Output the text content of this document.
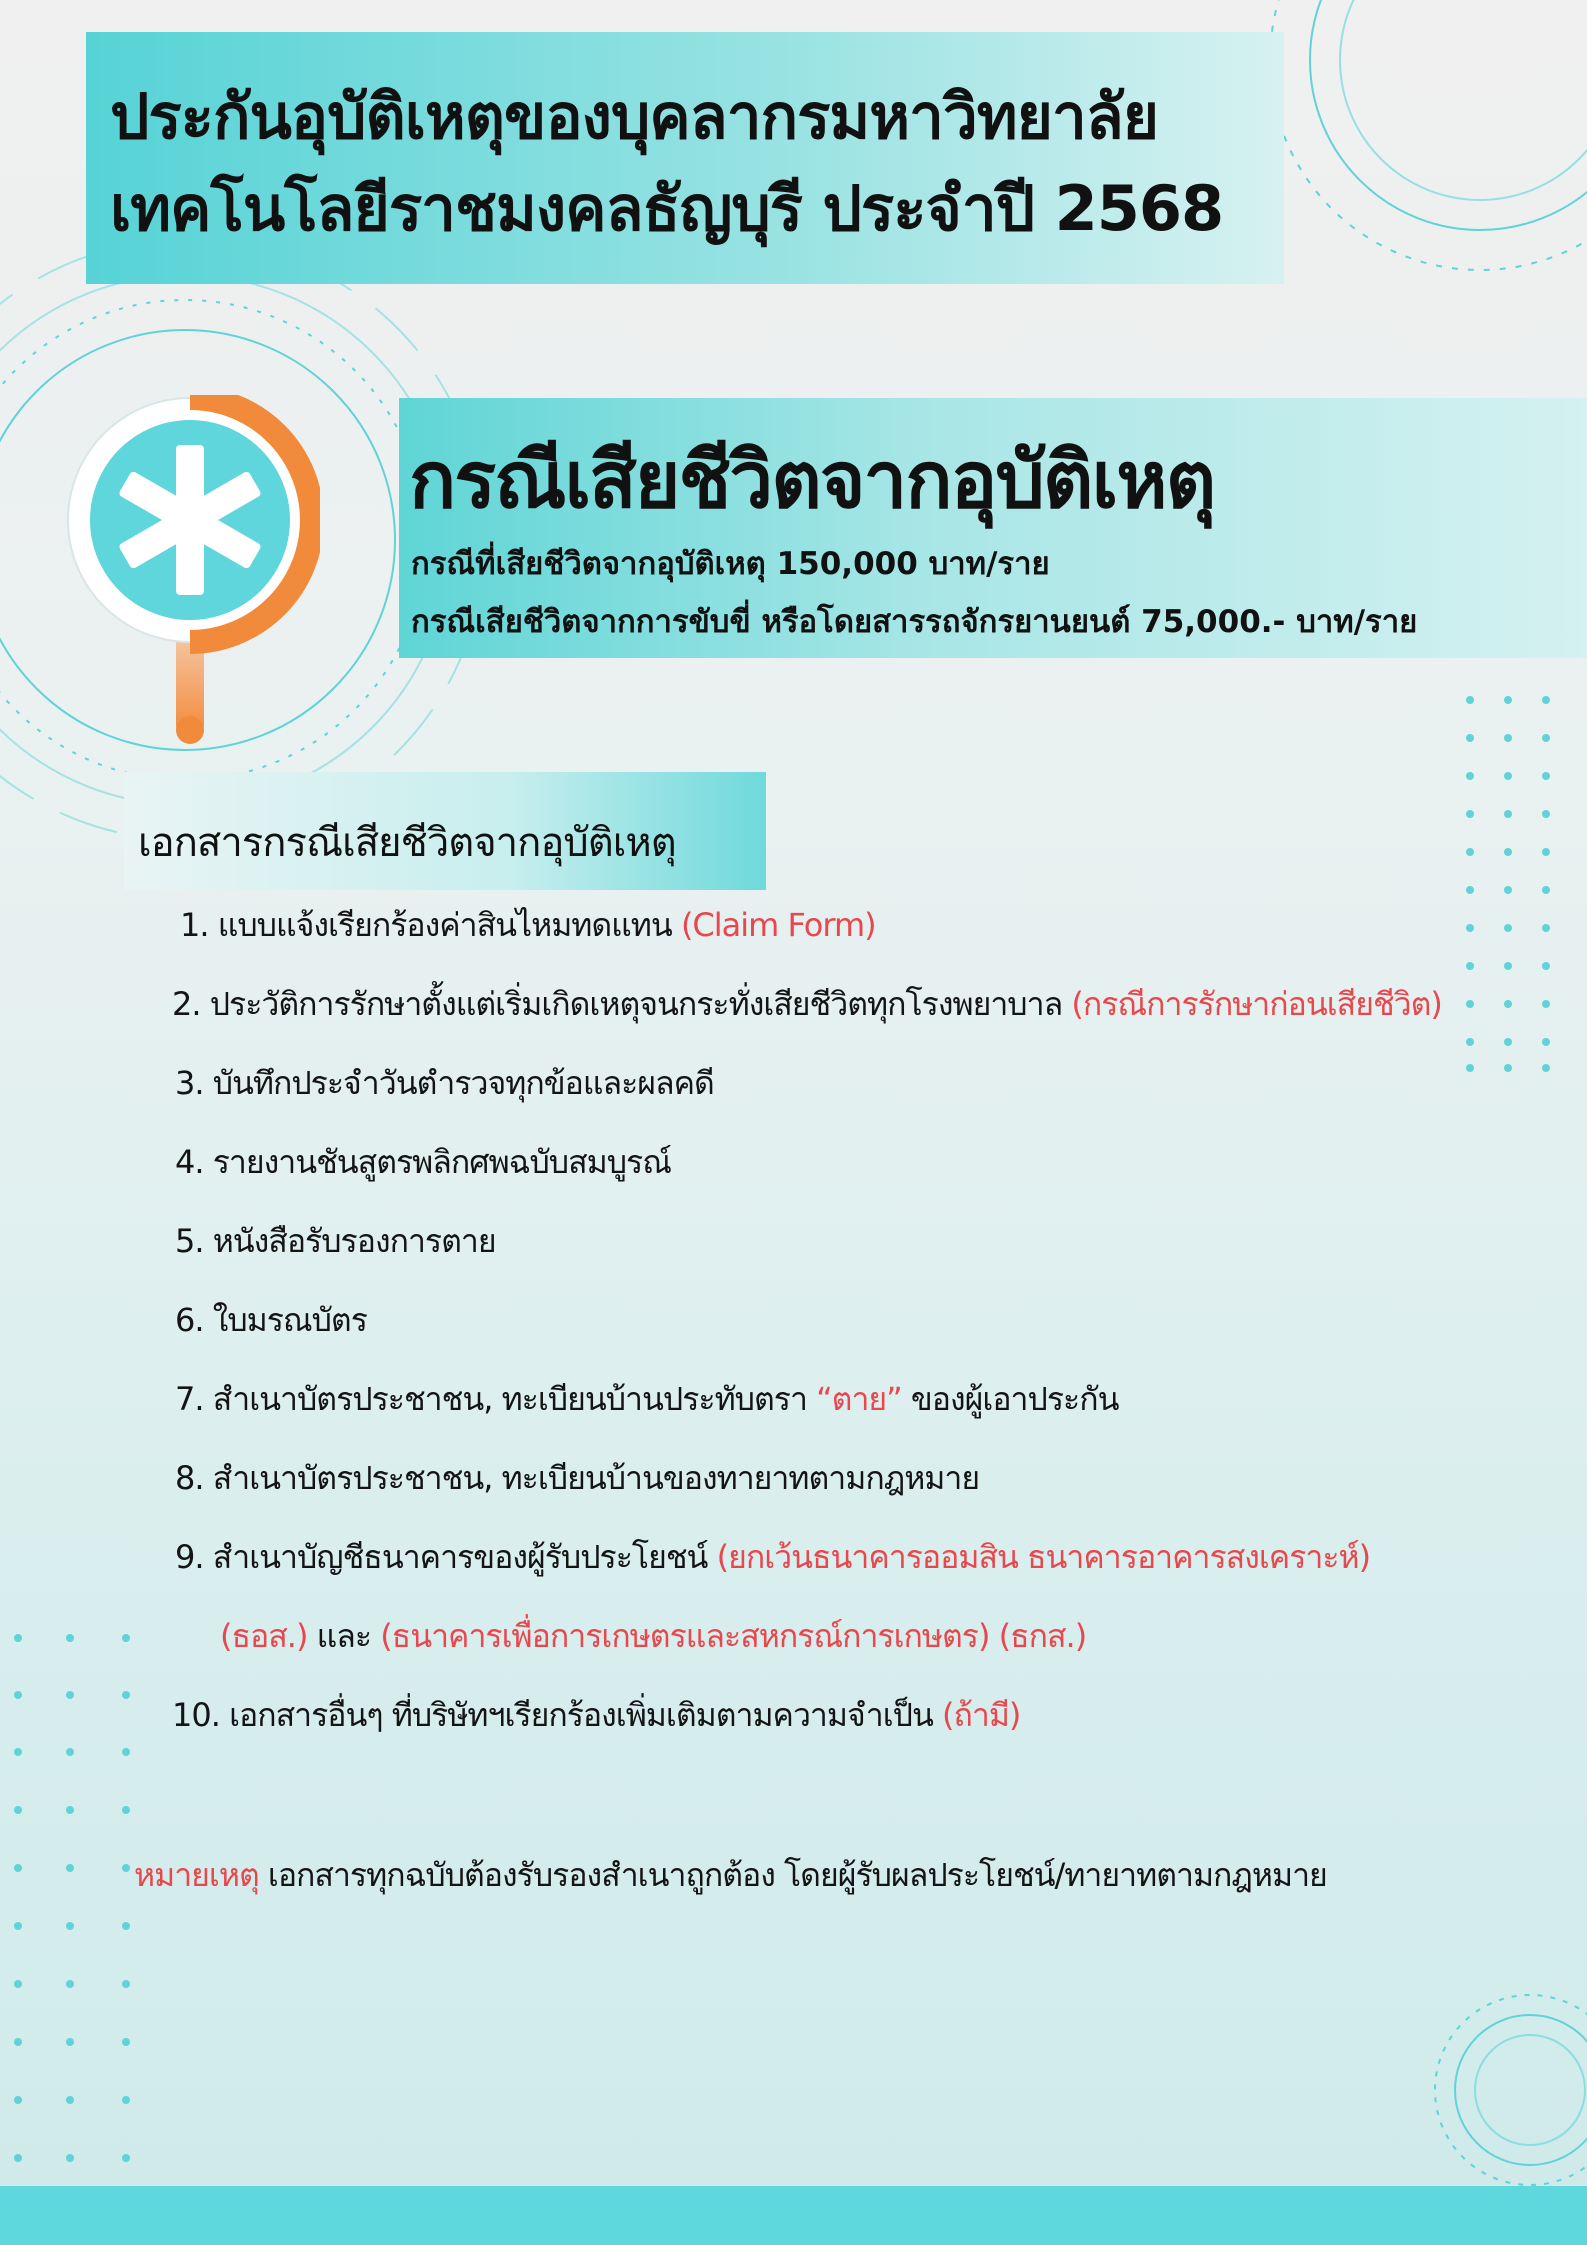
ประกันอุบัติเหตุของบุคลากรมหาวิทยาลัย
เทคโนโลยีราชมงคลธัญบุรี ประจำปี 2568
กรณีเสียชีวิตจากอุบัติเหตุ
กรณีที่เสียชีวิตจากอุบัติเหตุ 150,000 บาท/ราย
กรณีเสียชีวิตจากการขับขี่ หรือโดยสารรถจักรยานยนต์ 75,000.- บาท/ราย
เอกสารกรณีเสียชีวิตจากอุบัติเหตุ
1. แบบแจ้งเรียกร้องค่าสินไหมทดแทน (Claim Form)
2. ประวัติการรักษาตั้งแต่เริ่มเกิดเหตุจนกระทั่งเสียชีวิตทุกโรงพยาบาล (กรณีการรักษาก่อนเสียชีวิต)
3. บันทึกประจำวันตำรวจทุกข้อและผลคดี
4. รายงานชันสูตรพลิกศพฉบับสมบูรณ์
5. หนังสือรับรองการตาย
6. ใบมรณบัตร
7. สำเนาบัตรประชาชน, ทะเบียนบ้านประทับตรา “ตาย” ของผู้เอาประกัน
8. สำเนาบัตรประชาชน, ทะเบียนบ้านของทายาทตามกฎหมาย
9. สำเนาบัญชีธนาคารของผู้รับประโยชน์ (ยกเว้นธนาคารออมสิน ธนาคารอาคารสงเคราะห์)
(ธอส.) และ (ธนาคารเพื่อการเกษตรและสหกรณ์การเกษตร) (ธกส.)
10. เอกสารอื่นๆ ที่บริษัทฯเรียกร้องเพิ่มเติมตามความจำเป็น (ถ้ามี)
หมายเหตุ เอกสารทุกฉบับต้องรับรองสำเนาถูกต้อง โดยผู้รับผลประโยชน์/ทายาทตามกฎหมาย
